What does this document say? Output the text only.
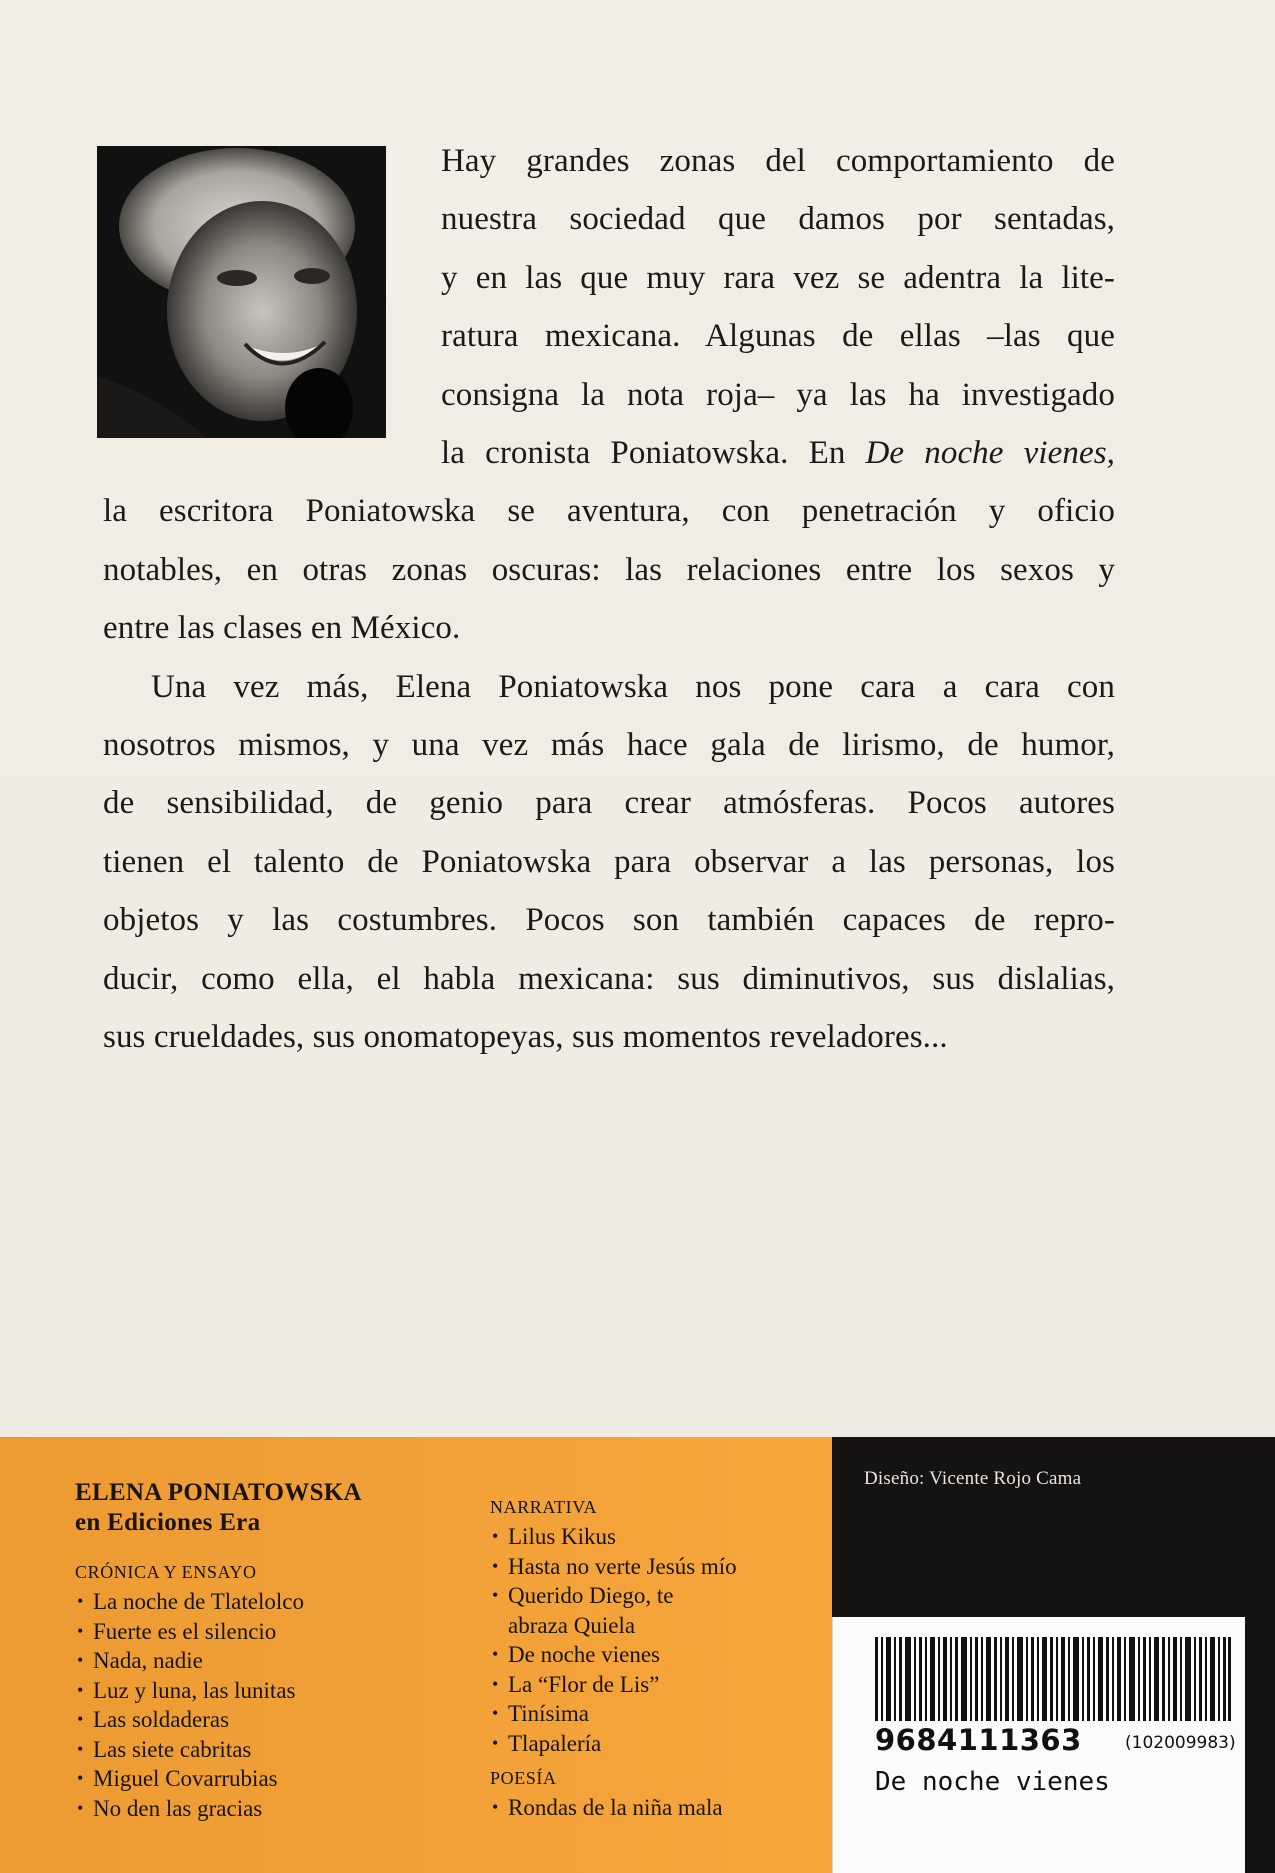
Hay grandes zonas del comportamiento de
nuestra sociedad que damos por sentadas,
y en las que muy rara vez se adentra la lite-
ratura mexicana. Algunas de ellas –las que
consigna la nota roja– ya las ha investigado
la cronista Poniatowska. En De noche vienes,
la escritora Poniatowska se aventura, con penetración y oficio
notables, en otras zonas oscuras: las relaciones entre los sexos y
entre las clases en México.
Una vez más, Elena Poniatowska nos pone cara a cara con
nosotros mismos, y una vez más hace gala de lirismo, de humor,
de sensibilidad, de genio para crear atmósferas. Pocos autores
tienen el talento de Poniatowska para observar a las personas, los
objetos y las costumbres. Pocos son también capaces de repro-
ducir, como ella, el habla mexicana: sus diminutivos, sus dislalias,
sus crueldades, sus onomatopeyas, sus momentos reveladores...
Diseño: Vicente Rojo Cama
ELENA PONIATOWSKA
en Ediciones Era
CRÓNICA Y ENSAYO
• La noche de Tlatelolco
• Fuerte es el silencio
• Nada, nadie
• Luz y luna, las lunitas
• Las soldaderas
• Las siete cabritas
• Miguel Covarrubias
• No den las gracias
NARRATIVA
• Lilus Kikus
• Hasta no verte Jesús mío
• Querido Diego, te
abraza Quiela
• De noche vienes
• La “Flor de Lis”
• Tinísima
• Tlapalería
POESÍA
• Rondas de la niña mala
9684111363	(102009983)
De noche vienes
